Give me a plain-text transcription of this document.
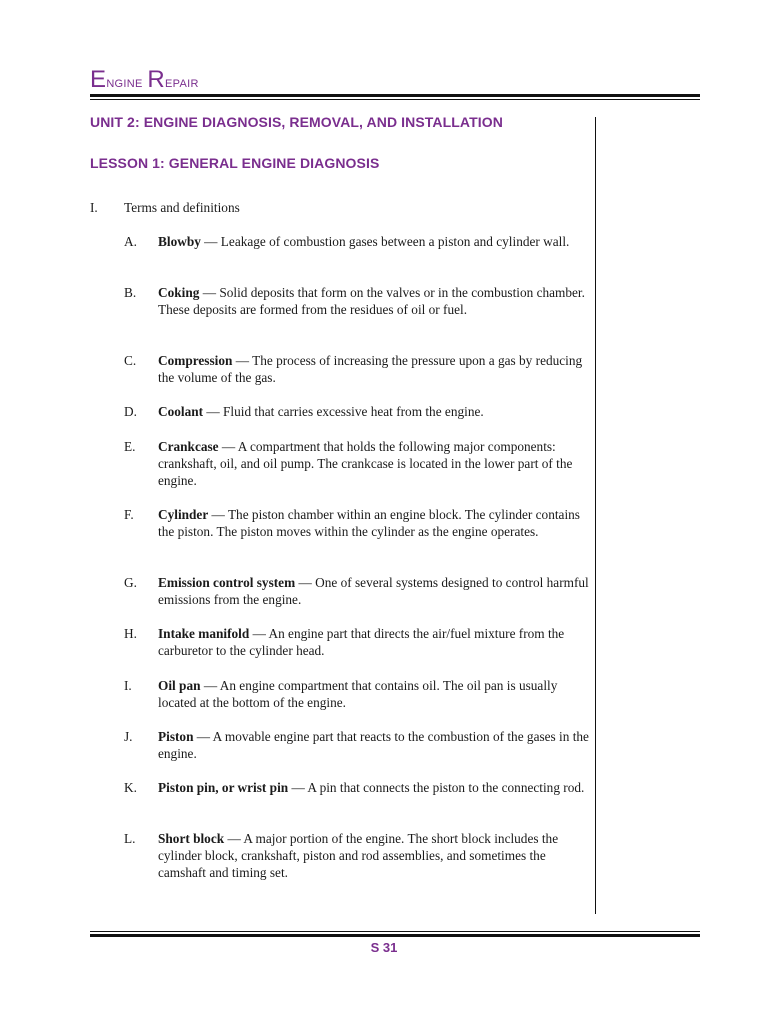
Engine Repair
UNIT 2: ENGINE DIAGNOSIS, REMOVAL, AND INSTALLATION
LESSON 1: GENERAL ENGINE DIAGNOSIS
I. Terms and definitions
A. Blowby — Leakage of combustion gases between a piston and cylinder wall.
B. Coking — Solid deposits that form on the valves or in the combustion chamber. These deposits are formed from the residues of oil or fuel.
C. Compression — The process of increasing the pressure upon a gas by reducing the volume of the gas.
D. Coolant — Fluid that carries excessive heat from the engine.
E. Crankcase — A compartment that holds the following major components: crankshaft, oil, and oil pump. The crankcase is located in the lower part of the engine.
F. Cylinder — The piston chamber within an engine block. The cylinder contains the piston. The piston moves within the cylinder as the engine operates.
G. Emission control system — One of several systems designed to control harmful emissions from the engine.
H. Intake manifold — An engine part that directs the air/fuel mixture from the carburetor to the cylinder head.
I. Oil pan — An engine compartment that contains oil. The oil pan is usually located at the bottom of the engine.
J. Piston — A movable engine part that reacts to the combustion of the gases in the engine.
K. Piston pin, or wrist pin — A pin that connects the piston to the connecting rod.
L. Short block — A major portion of the engine. The short block includes the cylinder block, crankshaft, piston and rod assemblies, and sometimes the camshaft and timing set.
S 31
